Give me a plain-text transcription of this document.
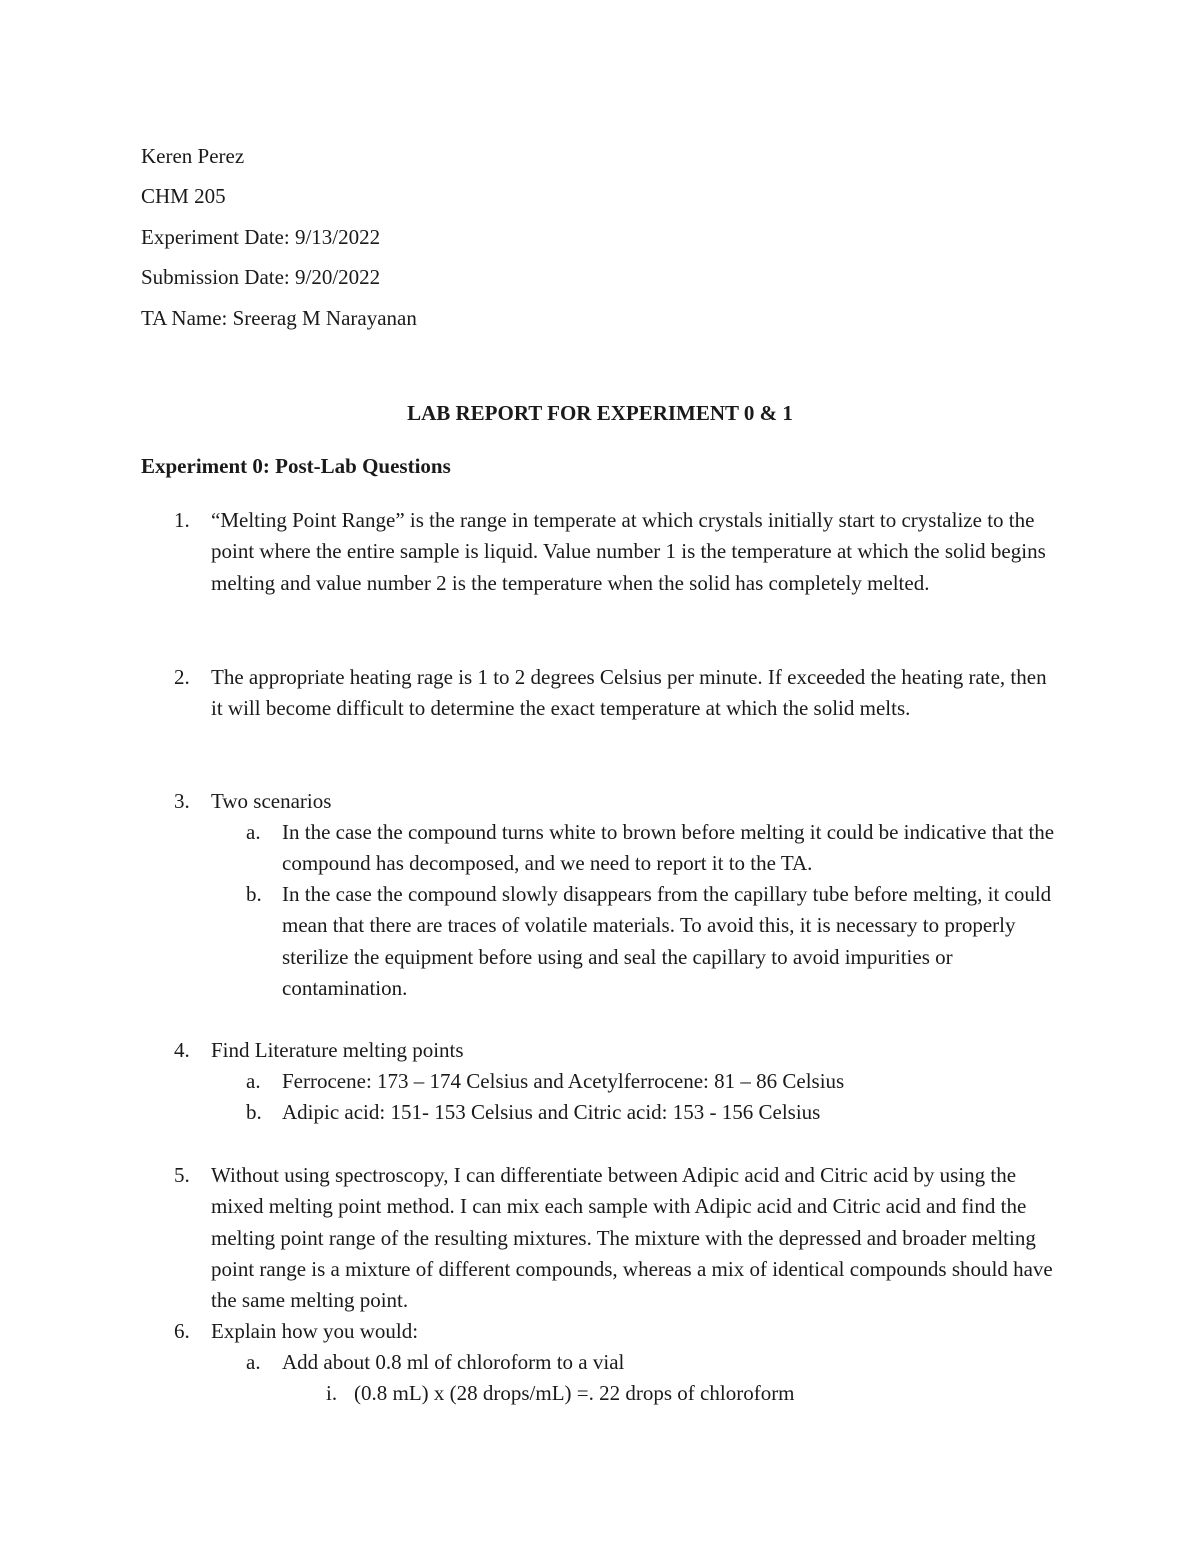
Keren Perez
CHM 205
Experiment Date: 9/13/2022
Submission Date: 9/20/2022
TA Name: Sreerag M Narayanan
LAB REPORT FOR EXPERIMENT 0 & 1
Experiment 0: Post-Lab Questions
1. “Melting Point Range” is the range in temperate at which crystals initially start to crystalize to the point where the entire sample is liquid. Value number 1 is the temperature at which the solid begins melting and value number 2 is the temperature when the solid has completely melted.
2. The appropriate heating rage is 1 to 2 degrees Celsius per minute. If exceeded the heating rate, then it will become difficult to determine the exact temperature at which the solid melts.
3. Two scenarios
a. In the case the compound turns white to brown before melting it could be indicative that the compound has decomposed, and we need to report it to the TA.
b. In the case the compound slowly disappears from the capillary tube before melting, it could mean that there are traces of volatile materials. To avoid this, it is necessary to properly sterilize the equipment before using and seal the capillary to avoid impurities or contamination.
4. Find Literature melting points
a. Ferrocene: 173 – 174 Celsius and Acetylferrocene: 81 – 86 Celsius
b. Adipic acid: 151- 153 Celsius and Citric acid: 153 - 156 Celsius
5. Without using spectroscopy, I can differentiate between Adipic acid and Citric acid by using the mixed melting point method. I can mix each sample with Adipic acid and Citric acid and find the melting point range of the resulting mixtures. The mixture with the depressed and broader melting point range is a mixture of different compounds, whereas a mix of identical compounds should have the same melting point.
6. Explain how you would:
a. Add about 0.8 ml of chloroform to a vial
i. (0.8 mL) x (28 drops/mL) =. 22 drops of chloroform
